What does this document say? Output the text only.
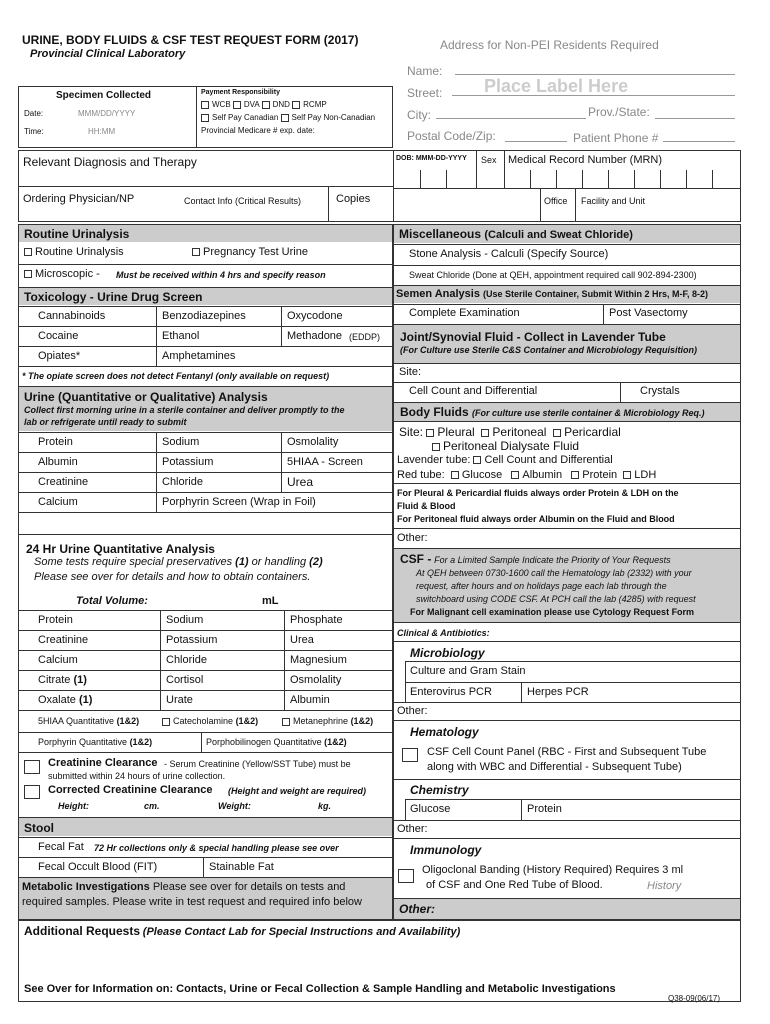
URINE, BODY FLUIDS & CSF TEST REQUEST FORM (2017)
Provincial Clinical Laboratory
Address for Non-PEI Residents Required
Name:
Street: Place Label Here
City:	Prov./State:
Postal Code/Zip:	Patient Phone #
Specimen Collected
Date:	MMM/DD/YYYY
Time:	HH:MM
Payment Responsibility
WCB DVA DND RCMP
Self Pay Canadian Self Pay Non-Canadian
Provincial Medicare # exp. date:
Relevant Diagnosis and Therapy	DOB: MMM-DD-YYYY Sex Medical Record Number (MRN)
Ordering Physician/NP	Contact Info (Critical Results)	Copies	Office Facility and Unit
Routine Urinalysis
Routine Urinalysis	Pregnancy Test Urine
Microscopic - Must be received within 4 hrs and specify reason
Toxicology - Urine Drug Screen
Cannabinoids	Benzodiazepines	Oxycodone
Cocaine	Ethanol	Methadone (EDDP)
Opiates*	Amphetamines
* The opiate screen does not detect Fentanyl (only available on request)
Urine (Quantitative or Qualitative) Analysis
Collect first morning urine in a sterile container and deliver promptly to the
lab or refrigerate until ready to submit
Protein	Sodium	Osmolality
Albumin	Potassium	5HIAA - Screen
Creatinine	Chloride	Urea
Calcium	Porphyrin Screen (Wrap in Foil)
24 Hr Urine Quantitative Analysis
Some tests require special preservatives (1) or handling (2)
Please see over for details and how to obtain containers.
Total Volume:	mL
Protein	Sodium	Phosphate
Creatinine	Potassium	Urea
Calcium	Chloride	Magnesium
Citrate (1)	Cortisol	Osmolality
Oxalate (1)	Urate	Albumin
5HIAA Quantitative (1&2)	Catecholamine (1&2)	Metanephrine (1&2)
Porphyrin Quantitative (1&2)	Porphobilinogen Quantitative (1&2)
Creatinine Clearance - Serum Creatinine (Yellow/SST Tube) must be
submitted within 24 hours of urine collection.
Corrected Creatinine Clearance (Height and weight are required)
Height:	cm.	Weight:	kg.
Stool
Fecal Fat 72 Hr collections only & special handling please see over
Fecal Occult Blood (FIT)	Stainable Fat
Metabolic Investigations Please see over for details on tests and
required samples. Please write in test request and required info below
Miscellaneous (Calculi and Sweat Chloride)
Stone Analysis - Calculi (Specify Source)
Sweat Chloride (Done at QEH, appointment required call 902-894-2300)
Semen Analysis (Use Sterile Container, Submit Within 2 Hrs, M-F, 8-2)
Complete Examination	Post Vasectomy
Joint/Synovial Fluid - Collect in Lavender Tube
(For Culture use Sterile C&S Container and Microbiology Requisition)
Site:
Cell Count and Differential	Crystals
Body Fluids (For culture use sterile container & Microbiology Req.)
Site: Pleural Peritoneal Pericardial
Peritoneal Dialysate Fluid
Lavender tube: Cell Count and Differential
Red tube: Glucose Albumin Protein LDH
For Pleural & Pericardial fluids always order Protein & LDH on the
Fluid & Blood
For Peritoneal fluid always order Albumin on the Fluid and Blood
Other:
CSF - For a Limited Sample Indicate the Priority of Your Requests
At QEH between 0730-1600 call the Hematology lab (2332) with your
request, after hours and on holidays page each lab through the
switchboard using CODE CSF. At PCH call the lab (4285) with request
For Malignant cell examination please use Cytology Request Form
Clinical & Antibiotics:
Microbiology
Culture and Gram Stain
Enterovirus PCR	Herpes PCR
Other:
Hematology
CSF Cell Count Panel (RBC - First and Subsequent Tube
along with WBC and Differential - Subsequent Tube)
Chemistry
Glucose	Protein
Other:
Immunology
Oligoclonal Banding (History Required) Requires 3 ml
of CSF and One Red Tube of Blood.	History
Other:
Additional Requests (Please Contact Lab for Special Instructions and Availability)
See Over for Information on: Contacts, Urine or Fecal Collection & Sample Handling and Metabolic Investigations
Q38-09(06/17)
